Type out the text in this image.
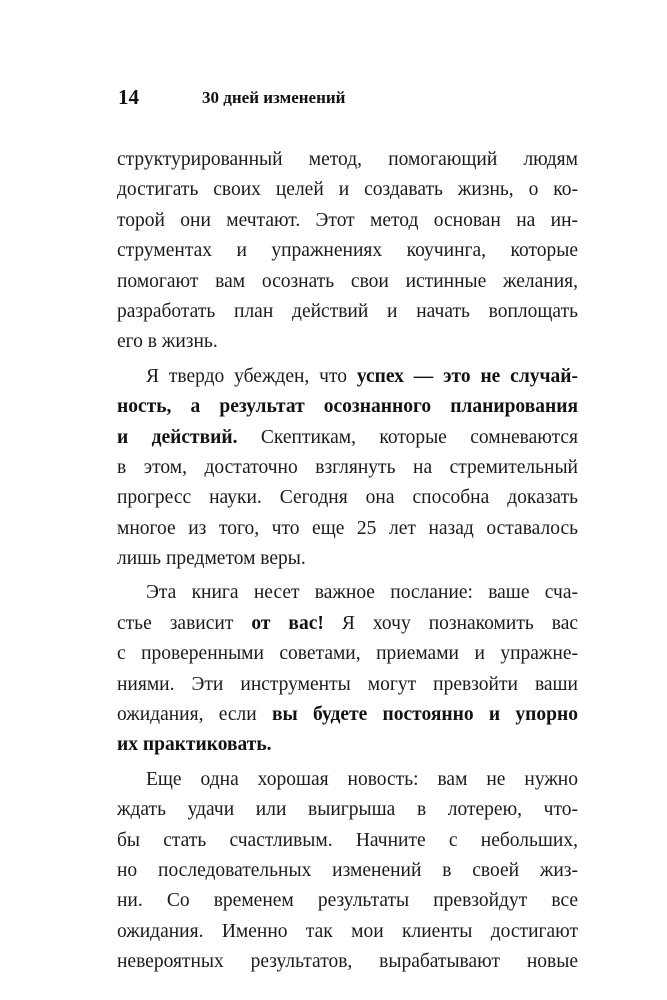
14	30 дней изменений
структурированный метод, помогающий людям
достигать своих целей и создавать жизнь, о ко-
торой они мечтают. Этот метод основан на ин-
струментах и упражнениях коучинга, которые
помогают вам осознать свои истинные желания,
разработать план действий и начать воплощать
его в жизнь.
Я твердо убежден, что успех — это не случай-
ность, а результат осознанного планирования
и действий. Скептикам, которые сомневаются
в этом, достаточно взглянуть на стремительный
прогресс науки. Сегодня она способна доказать
многое из того, что еще 25 лет назад оставалось
лишь предметом веры.
Эта книга несет важное послание: ваше сча-
стье зависит от вас! Я хочу познакомить вас
с проверенными советами, приемами и упражне-
ниями. Эти инструменты могут превзойти ваши
ожидания, если вы будете постоянно и упорно
их практиковать.
Еще одна хорошая новость: вам не нужно
ждать удачи или выигрыша в лотерею, что-
бы стать счастливым. Начните с небольших,
но последовательных изменений в своей жиз-
ни. Со временем результаты превзойдут все
ожидания. Именно так мои клиенты достигают
невероятных результатов, вырабатывают новые
